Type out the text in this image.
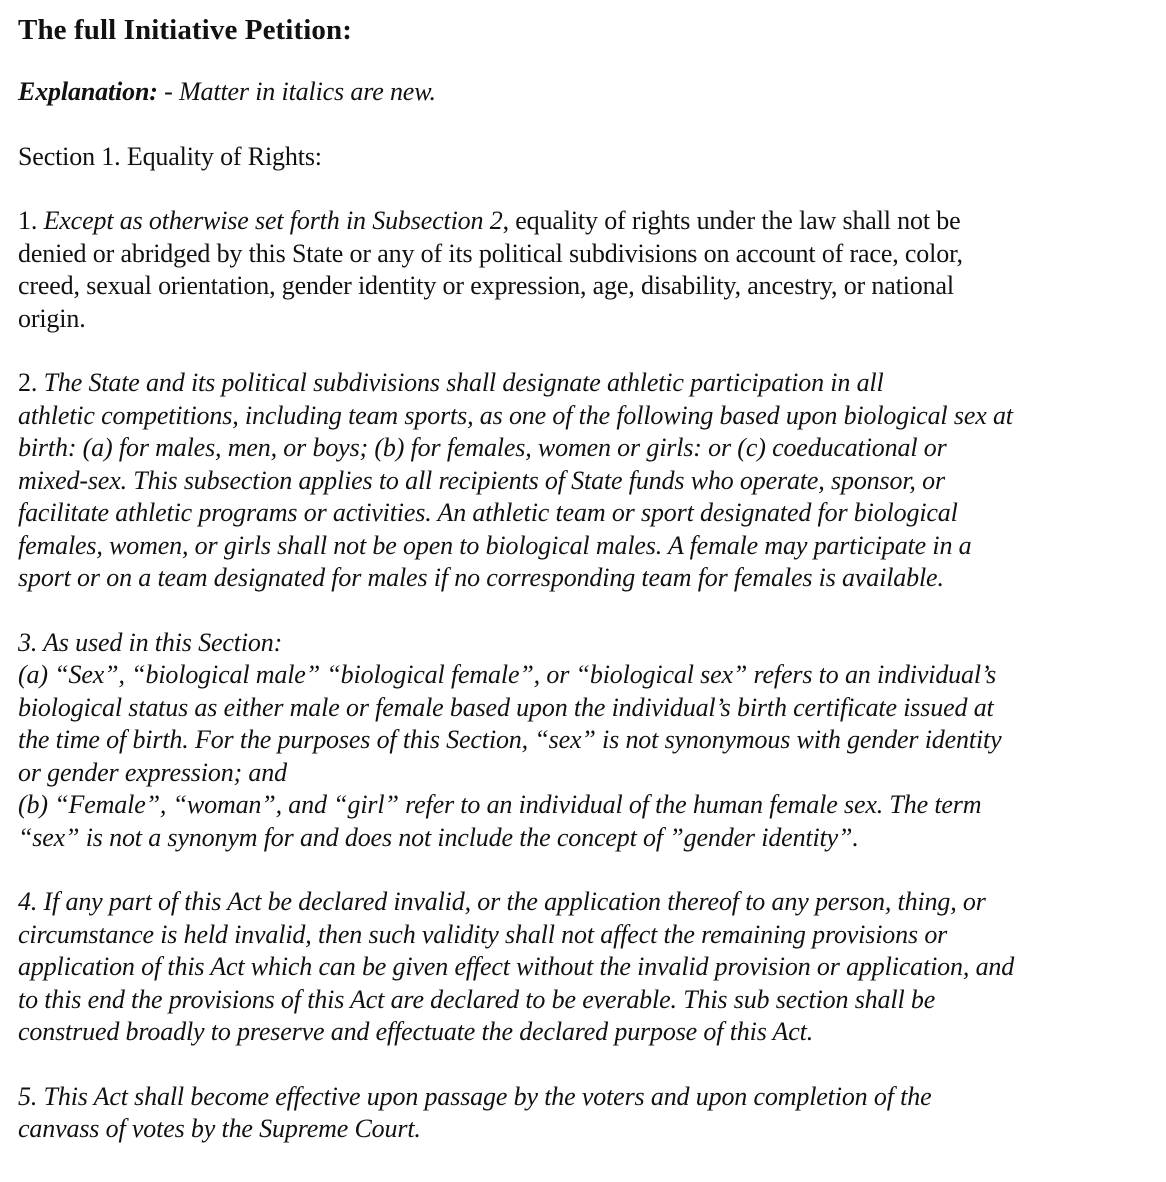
The full Initiative Petition:

Explanation: - Matter in italics are new.

Section 1. Equality of Rights:

1. Except as otherwise set forth in Subsection 2, equality of rights under the law shall not be
denied or abridged by this State or any of its political subdivisions on account of race, color,
creed, sexual orientation, gender identity or expression, age, disability, ancestry, or national
origin.

2. The State and its political subdivisions shall designate athletic participation in all
athletic competitions, including team sports, as one of the following based upon biological sex at
birth: (a) for males, men, or boys; (b) for females, women or girls: or (c) coeducational or
mixed-sex. This subsection applies to all recipients of State funds who operate, sponsor, or
facilitate athletic programs or activities. An athletic team or sport designated for biological
females, women, or girls shall not be open to biological males. A female may participate in a
sport or on a team designated for males if no corresponding team for females is available.

3. As used in this Section:
(a) “Sex”, “biological male” “biological female”, or “biological sex” refers to an individual’s
biological status as either male or female based upon the individual’s birth certificate issued at
the time of birth. For the purposes of this Section, “sex” is not synonymous with gender identity
or gender expression; and
(b) “Female”, “woman”, and “girl” refer to an individual of the human female sex. The term
“sex” is not a synonym for and does not include the concept of ”gender identity”.

4. If any part of this Act be declared invalid, or the application thereof to any person, thing, or
circumstance is held invalid, then such validity shall not affect the remaining provisions or
application of this Act which can be given effect without the invalid provision or application, and
to this end the provisions of this Act are declared to be everable. This sub section shall be
construed broadly to preserve and effectuate the declared purpose of this Act.

5. This Act shall become effective upon passage by the voters and upon completion of the
canvass of votes by the Supreme Court.
